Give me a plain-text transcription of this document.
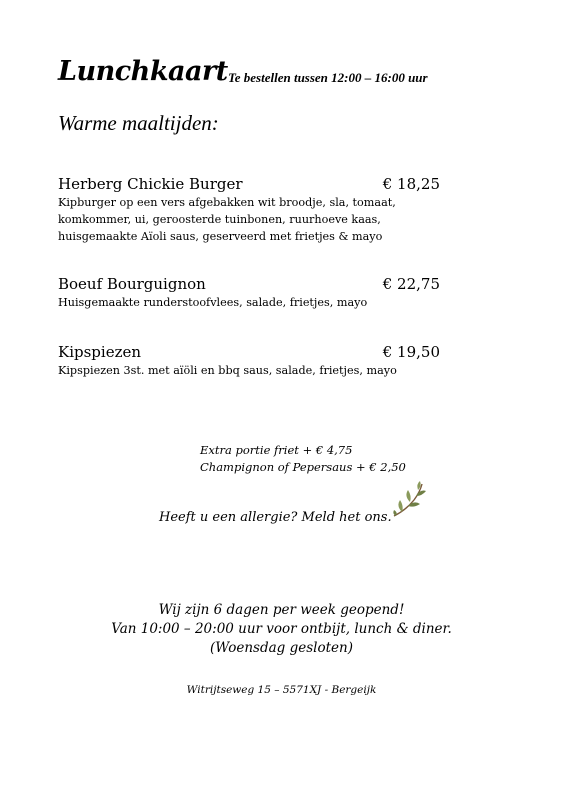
Lunchkaart Te bestellen tussen 12:00 – 16:00 uur
Warme maaltijden:
Herberg Chickie Burger	€ 18,25
Kipburger op een vers afgebakken wit broodje, sla, tomaat,
komkommer, ui, geroosterde tuinbonen, ruurhoeve kaas,
huisgemaakte Aïoli saus, geserveerd met frietjes & mayo
Boeuf Bourguignon	€ 22,75
Huisgemaakte runderstoofvlees, salade, frietjes, mayo
Kipspiezen	€ 19,50
Kipspiezen 3st. met aïöli en bbq saus, salade, frietjes, mayo
Extra portie friet + € 4,75
Champignon of Pepersaus + € 2,50
Heeft u een allergie? Meld het ons.
Wij zijn 6 dagen per week geopend!
Van 10:00 – 20:00 uur voor ontbijt, lunch & diner.
(Woensdag gesloten)
Witrijtseweg 15 – 5571XJ - Bergeijk
